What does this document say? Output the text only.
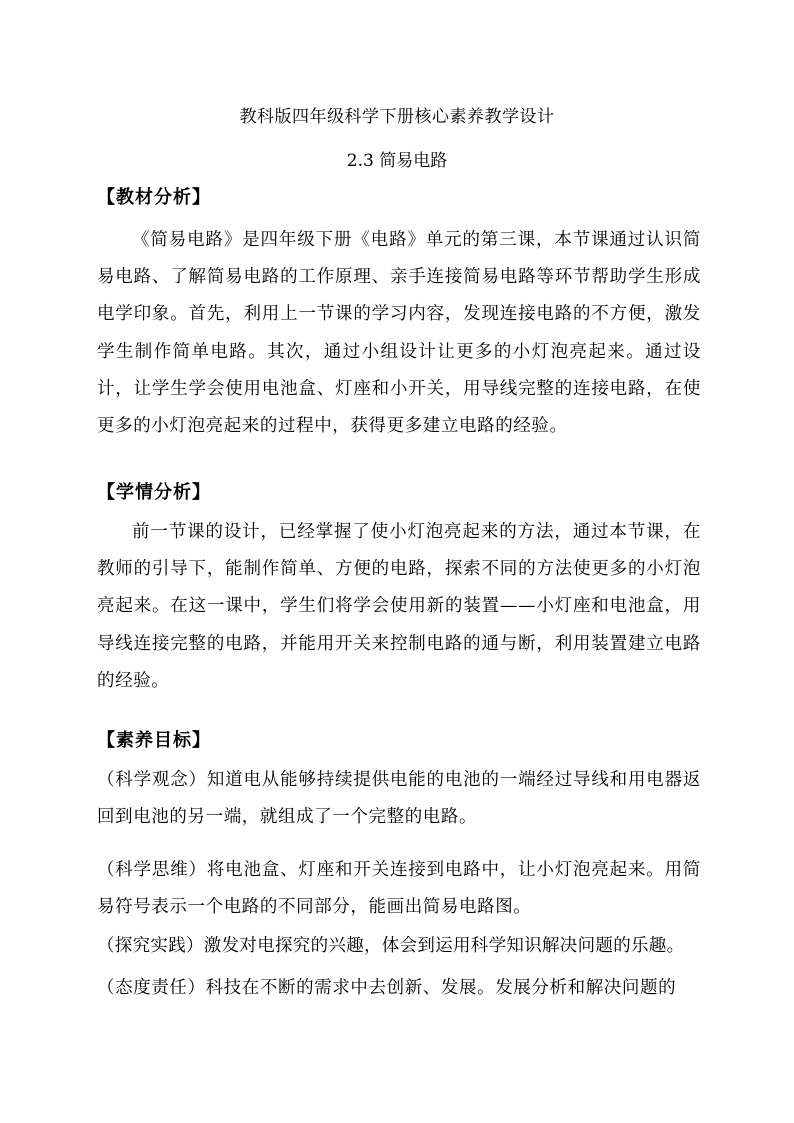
教科版四年级科学下册核心素养教学设计
2.3 简易电路
【教材分析】
《简易电路》是四年级下册《电路》单元的第三课，本节课通过认识简易电路、了解简易电路的工作原理、亲手连接简易电路等环节帮助学生形成电学印象。首先，利用上一节课的学习内容，发现连接电路的不方便，激发学生制作简单电路。其次，通过小组设计让更多的小灯泡亮起来。通过设计，让学生学会使用电池盒、灯座和小开关，用导线完整的连接电路，在使更多的小灯泡亮起来的过程中，获得更多建立电路的经验。
【学情分析】
前一节课的设计，已经掌握了使小灯泡亮起来的方法，通过本节课，在教师的引导下，能制作简单、方便的电路，探索不同的方法使更多的小灯泡亮起来。在这一课中，学生们将学会使用新的装置——小灯座和电池盒，用导线连接完整的电路，并能用开关来控制电路的通与断，利用装置建立电路的经验。
【素养目标】
（科学观念）知道电从能够持续提供电能的电池的一端经过导线和用电器返回到电池的另一端，就组成了一个完整的电路。
（科学思维）将电池盒、灯座和开关连接到电路中，让小灯泡亮起来。用简易符号表示一个电路的不同部分，能画出简易电路图。
（探究实践）激发对电探究的兴趣，体会到运用科学知识解决问题的乐趣。
（态度责任）科技在不断的需求中去创新、发展。发展分析和解决问题的
